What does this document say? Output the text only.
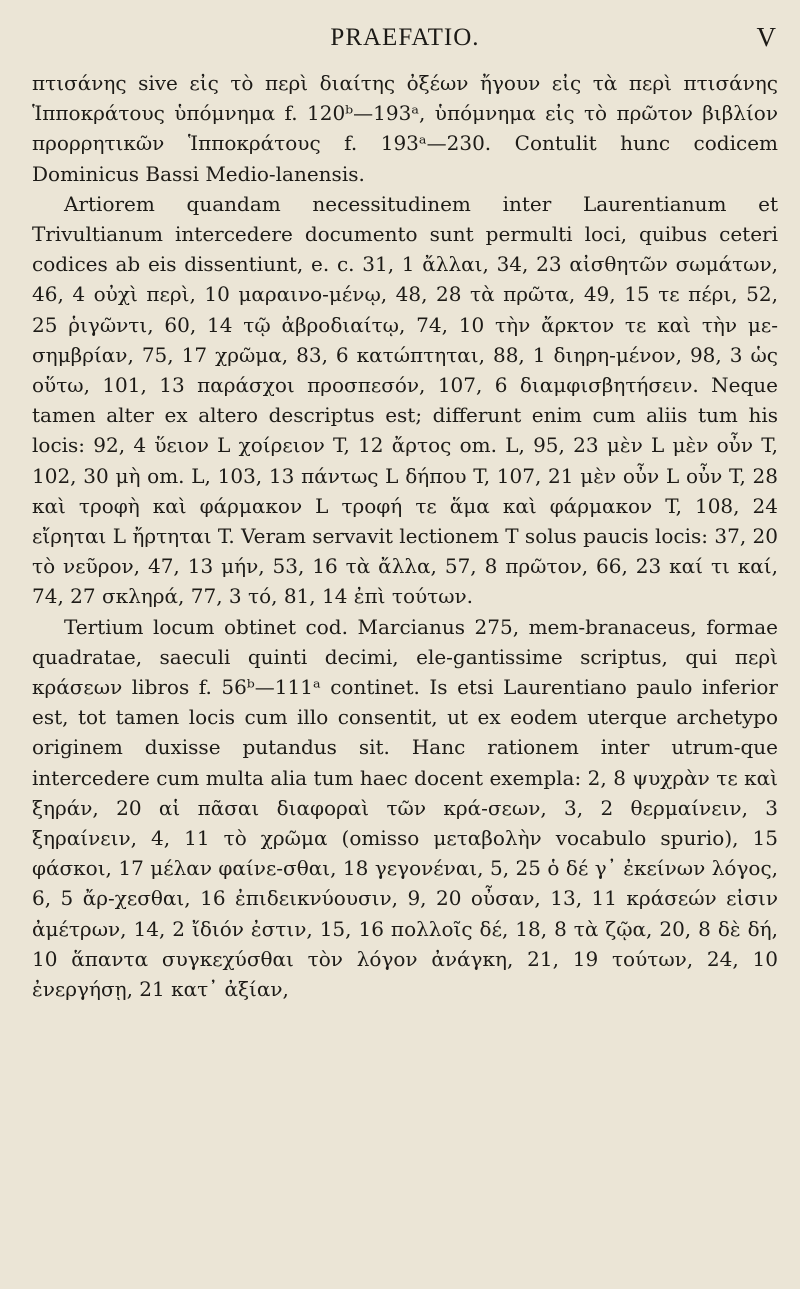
PRAEFATIO.	V

πτισάνης sive εἰς τὸ περὶ διαίτης ὀξέων ἤγουν εἰς τὰ περὶ πτισάνης Ἱπποκράτους ὑπόμνημα f. 120ᵇ—193ᵃ, ὑπόμνημα εἰς τὸ πρῶτον βιβλίον προρρητικῶν Ἱπποκράτους f. 193ᵃ—230. Contulit hunc codicem Dominicus Bassi Medio-lanensis.

Artiorem quandam necessitudinem inter Laurentianum et Trivultianum intercedere documento sunt permulti loci, quibus ceteri codices ab eis dissentiunt, e. c. 31, 1 ἄλλαι, 34, 23 αἰσθητῶν σωμάτων, 46, 4 οὐχὶ περὶ, 10 μαραινο-μένῳ, 48, 28 τὰ πρῶτα, 49, 15 τε πέρι, 52, 25 ῥιγῶντι, 60, 14 τῷ ἀβροδιαίτῳ, 74, 10 τὴν ἄρκτον τε καὶ τὴν με-σημβρίαν, 75, 17 χρῶμα, 83, 6 κατώπτηται, 88, 1 διηρη-μένον, 98, 3 ὡς οὕτω, 101, 13 παράσχοι προσπεσόν, 107, 6 διαμφισβητήσειν. Neque tamen alter ex altero descriptus est; differunt enim cum aliis tum his locis: 92, 4 ὕειον L χοίρειον T, 12 ἄρτος om. L, 95, 23 μὲν L μὲν οὖν T, 102, 30 μὴ om. L, 103, 13 πάντως L δήπου T, 107, 21 μὲν οὖν L οὖν T, 28 καὶ τροφὴ καὶ φάρμακον L τροφή τε ἅμα καὶ φάρμακον T, 108, 24 εἴρηται L ἤρτηται T. Veram servavit lectionem T solus paucis locis: 37, 20 τὸ νεῦρον, 47, 13 μήν, 53, 16 τὰ ἄλλα, 57, 8 πρῶτον, 66, 23 καί τι καί, 74, 27 σκληρά, 77, 3 τό, 81, 14 ἐπὶ τούτων.

Tertium locum obtinet cod. Marcianus 275, mem-branaceus, formae quadratae, saeculi quinti decimi, ele-gantissime scriptus, qui περὶ κράσεων libros f. 56ᵇ—111ᵃ continet. Is etsi Laurentiano paulo inferior est, tot tamen locis cum illo consentit, ut ex eodem uterque archetypo originem duxisse putandus sit. Hanc rationem inter utrum-que intercedere cum multa alia tum haec docent exempla: 2, 8 ψυχρὰν τε καὶ ξηράν, 20 αἱ πᾶσαι διαφοραὶ τῶν κρά-σεων, 3, 2 θερμαίνειν, 3 ξηραίνειν, 4, 11 τὸ χρῶμα (omisso μεταβολὴν vocabulo spurio), 15 φάσκοι, 17 μέλαν φαίνε-σθαι, 18 γεγονέναι, 5, 25 ὁ δέ γ᾽ ἐκείνων λόγος, 6, 5 ἄρ-χεσθαι, 16 ἐπιδεικνύουσιν, 9, 20 οὖσαν, 13, 11 κράσεών εἰσιν ἀμέτρων, 14, 2 ἴδιόν ἐστιν, 15, 16 πολλοῖς δέ, 18, 8 τὰ ζῷα, 20, 8 δὲ δή, 10 ἅπαντα συγκεχύσθαι τὸν λόγον ἀνάγκη, 21, 19 τούτων, 24, 10 ἐνεργήσῃ, 21 κατ᾽ ἀξίαν,
